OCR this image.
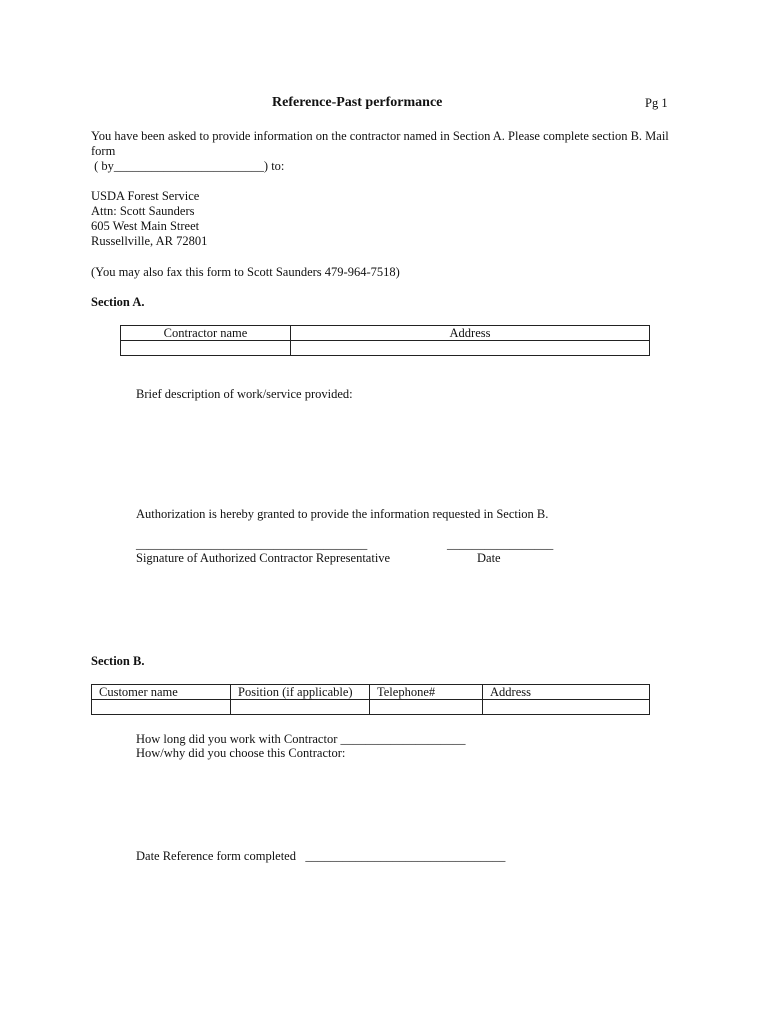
Reference-Past performance	Pg 1
You have been asked to provide information on the contractor named in Section A. Please complete section B. Mail
form
( by________________________) to:
USDA Forest Service
Attn: Scott Saunders
605 West Main Street
Russellville, AR 72801
(You may also fax this form to Scott Saunders 479-964-7518)
Section A.
Contractor name	Address

Brief description of work/service provided:
Authorization is hereby granted to provide the information requested in Section B.
_____________________________________	_________________
Signature of Authorized Contractor Representative	Date
Section B.
Customer name	Position (if applicable)	Telephone#	Address

How long did you work with Contractor ____________________
How/why did you choose this Contractor:
Date Reference form completed   ________________________________
